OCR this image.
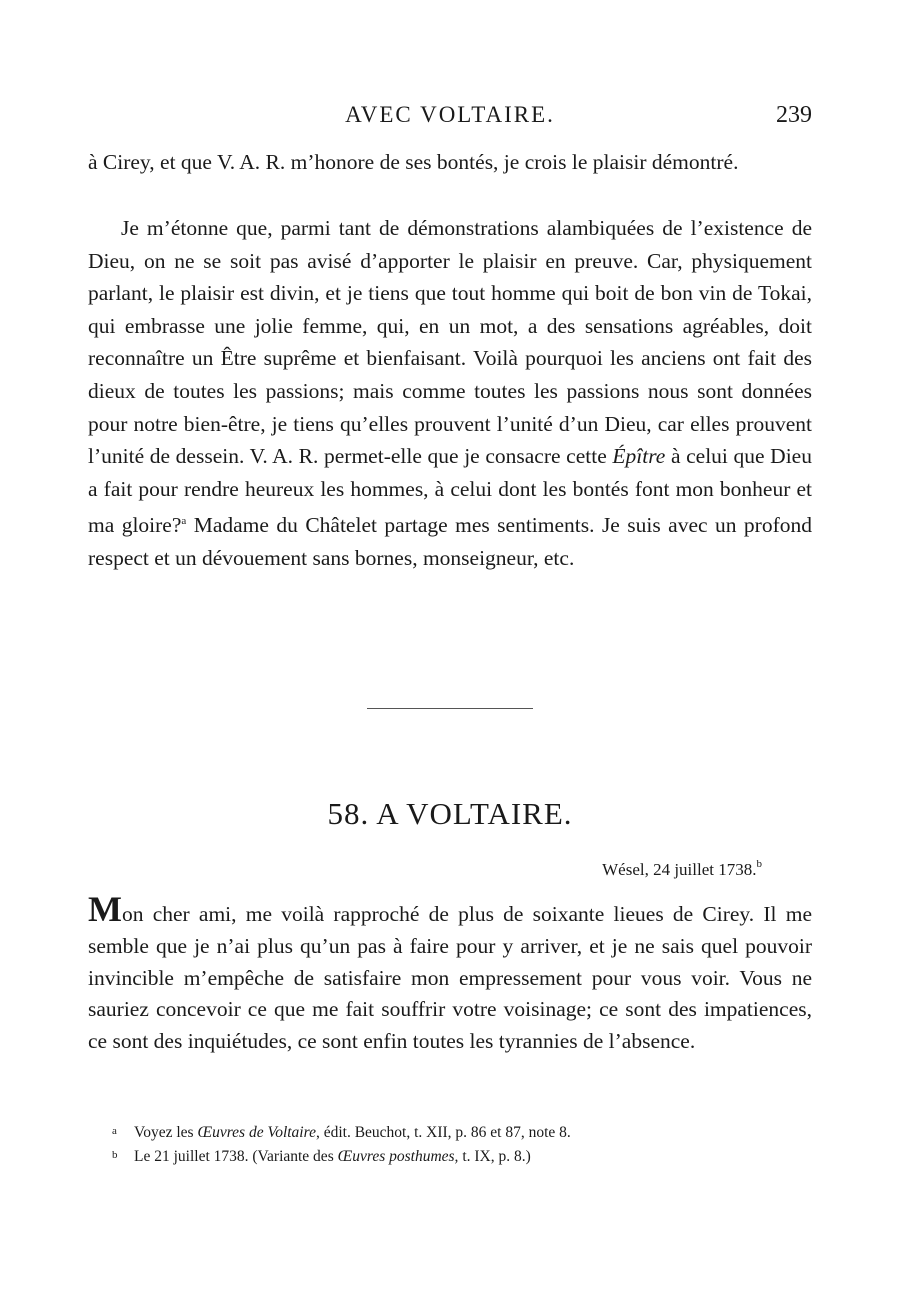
AVEC VOLTAIRE.	239

à Cirey, et que V. A. R. m’honore de ses bontés, je crois le plaisir démontré.

Je m’étonne que, parmi tant de démonstrations alambiquées de l’existence de Dieu, on ne se soit pas avisé d’apporter le plaisir en preuve. Car, physiquement parlant, le plaisir est divin, et je tiens que tout homme qui boit de bon vin de Tokai, qui embrasse une jolie femme, qui, en un mot, a des sensations agréables, doit reconnaître un Être suprême et bienfaisant. Voilà pourquoi les anciens ont fait des dieux de toutes les passions; mais comme toutes les passions nous sont données pour notre bien-être, je tiens qu’elles prouvent l’unité d’un Dieu, car elles prouvent l’unité de dessein. V. A. R. permet-elle que je consacre cette Épître à celui que Dieu a fait pour rendre heureux les hommes, à celui dont les bontés font mon bonheur et ma gloire?$^a$ Madame du Châtelet partage mes sentiments. Je suis avec un profond respect et un dévouement sans bornes, monseigneur, etc.

58. A VOLTAIRE.
Wésel, 24 juillet 1738.$^b$

Mon cher ami, me voilà rapproché de plus de soixante lieues de Cirey. Il me semble que je n’ai plus qu’un pas à faire pour y arriver, et je ne sais quel pouvoir invincible m’empêche de satisfaire mon empressement pour vous voir. Vous ne sauriez concevoir ce que me fait souffrir votre voisinage; ce sont des impatiences, ce sont des inquiétudes, ce sont enfin toutes les tyrannies de l’absence.

a Voyez les Œuvres de Voltaire, édit. Beuchot, t. XII, p. 86 et 87, note 8.

b Le 21 juillet 1738. (Variante des Œuvres posthumes, t. IX, p. 8.)
